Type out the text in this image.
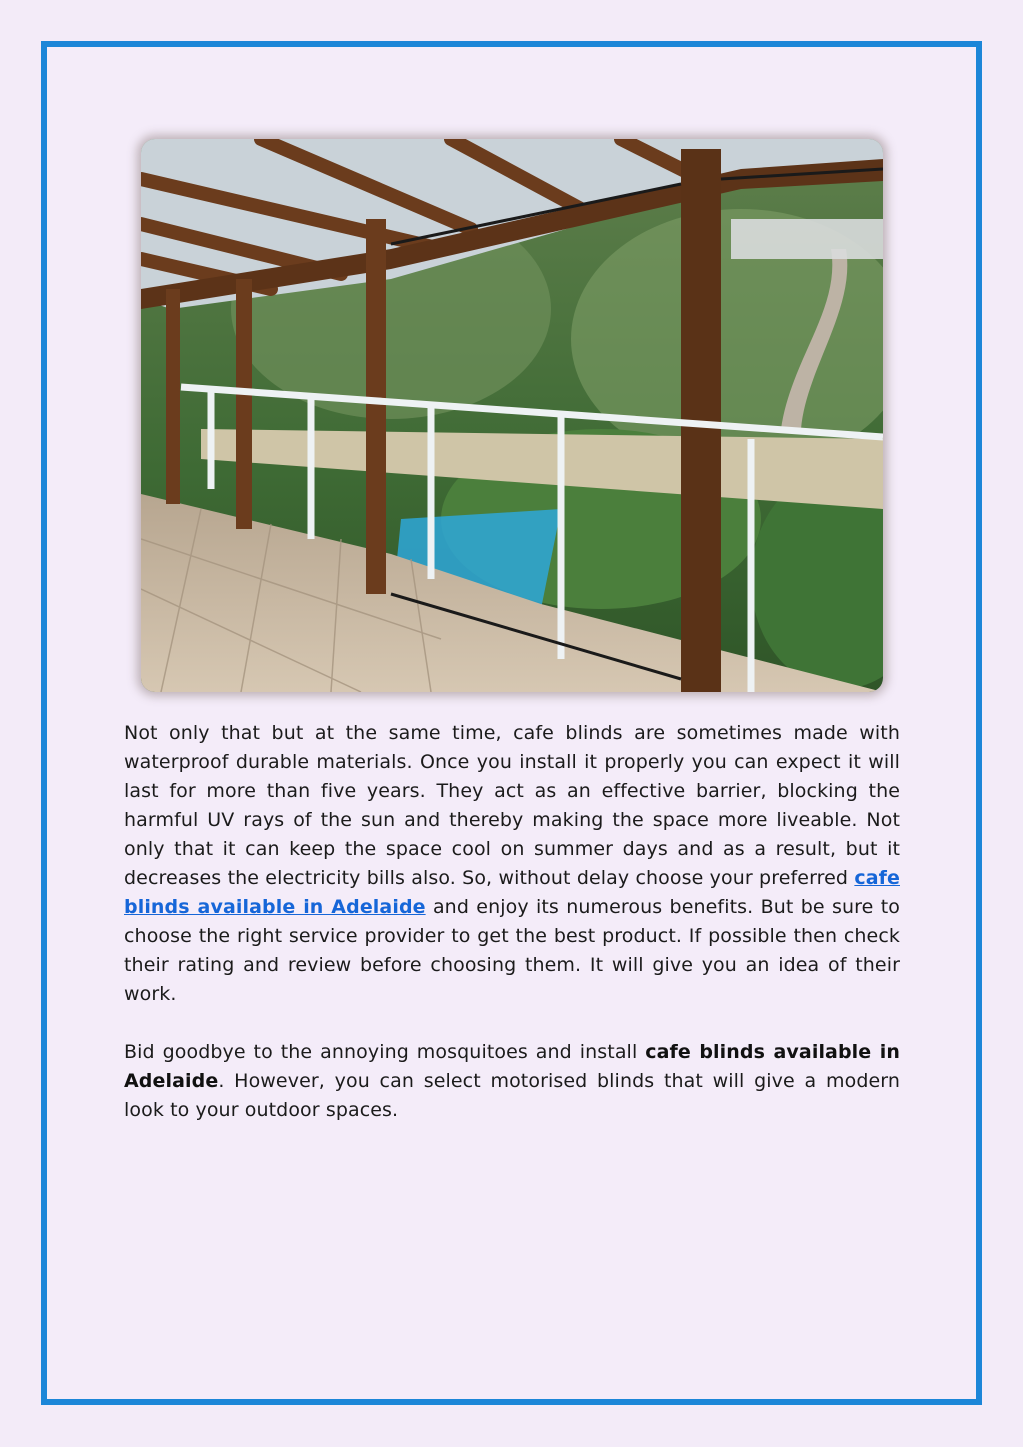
Not only that but at the same time, cafe blinds are sometimes made with waterproof durable materials. Once you install it properly you can expect it will last for more than five years. They act as an effective barrier, blocking the harmful UV rays of the sun and thereby making the space more liveable. Not only that it can keep the space cool on summer days and as a result, but it decreases the electricity bills also. So, without delay choose your preferred cafe blinds available in Adelaide and enjoy its numerous benefits. But be sure to choose the right service provider to get the best product. If possible then check their rating and review before choosing them. It will give you an idea of their work.

Bid goodbye to the annoying mosquitoes and install cafe blinds available in Adelaide. However, you can select motorised blinds that will give a modern look to your outdoor spaces.
